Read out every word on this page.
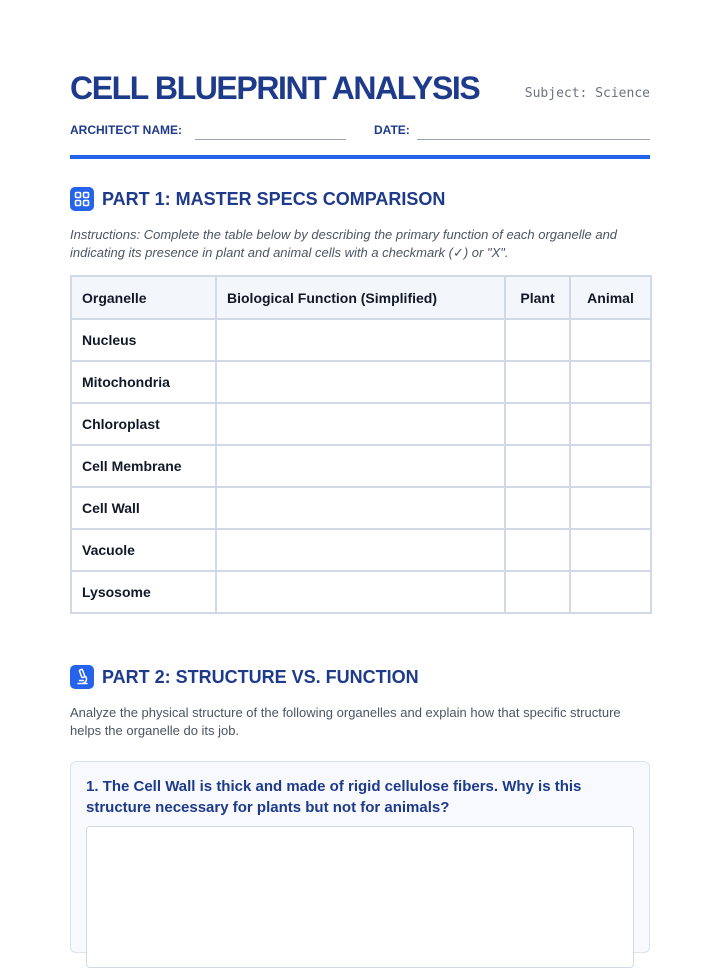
CELL BLUEPRINT ANALYSIS	Subject: Science
ARCHITECT NAME:	DATE:
PART 1: MASTER SPECS COMPARISON
Instructions: Complete the table below by describing the primary function of each organelle and indicating its presence in plant and animal cells with a checkmark (✓) or "X".
Organelle	Biological Function (Simplified)	Plant	Animal
Nucleus			
Mitochondria			
Chloroplast			
Cell Membrane			
Cell Wall			
Vacuole			
Lysosome			
PART 2: STRUCTURE VS. FUNCTION
Analyze the physical structure of the following organelles and explain how that specific structure helps the organelle do its job.
1. The Cell Wall is thick and made of rigid cellulose fibers. Why is this structure necessary for plants but not for animals?
